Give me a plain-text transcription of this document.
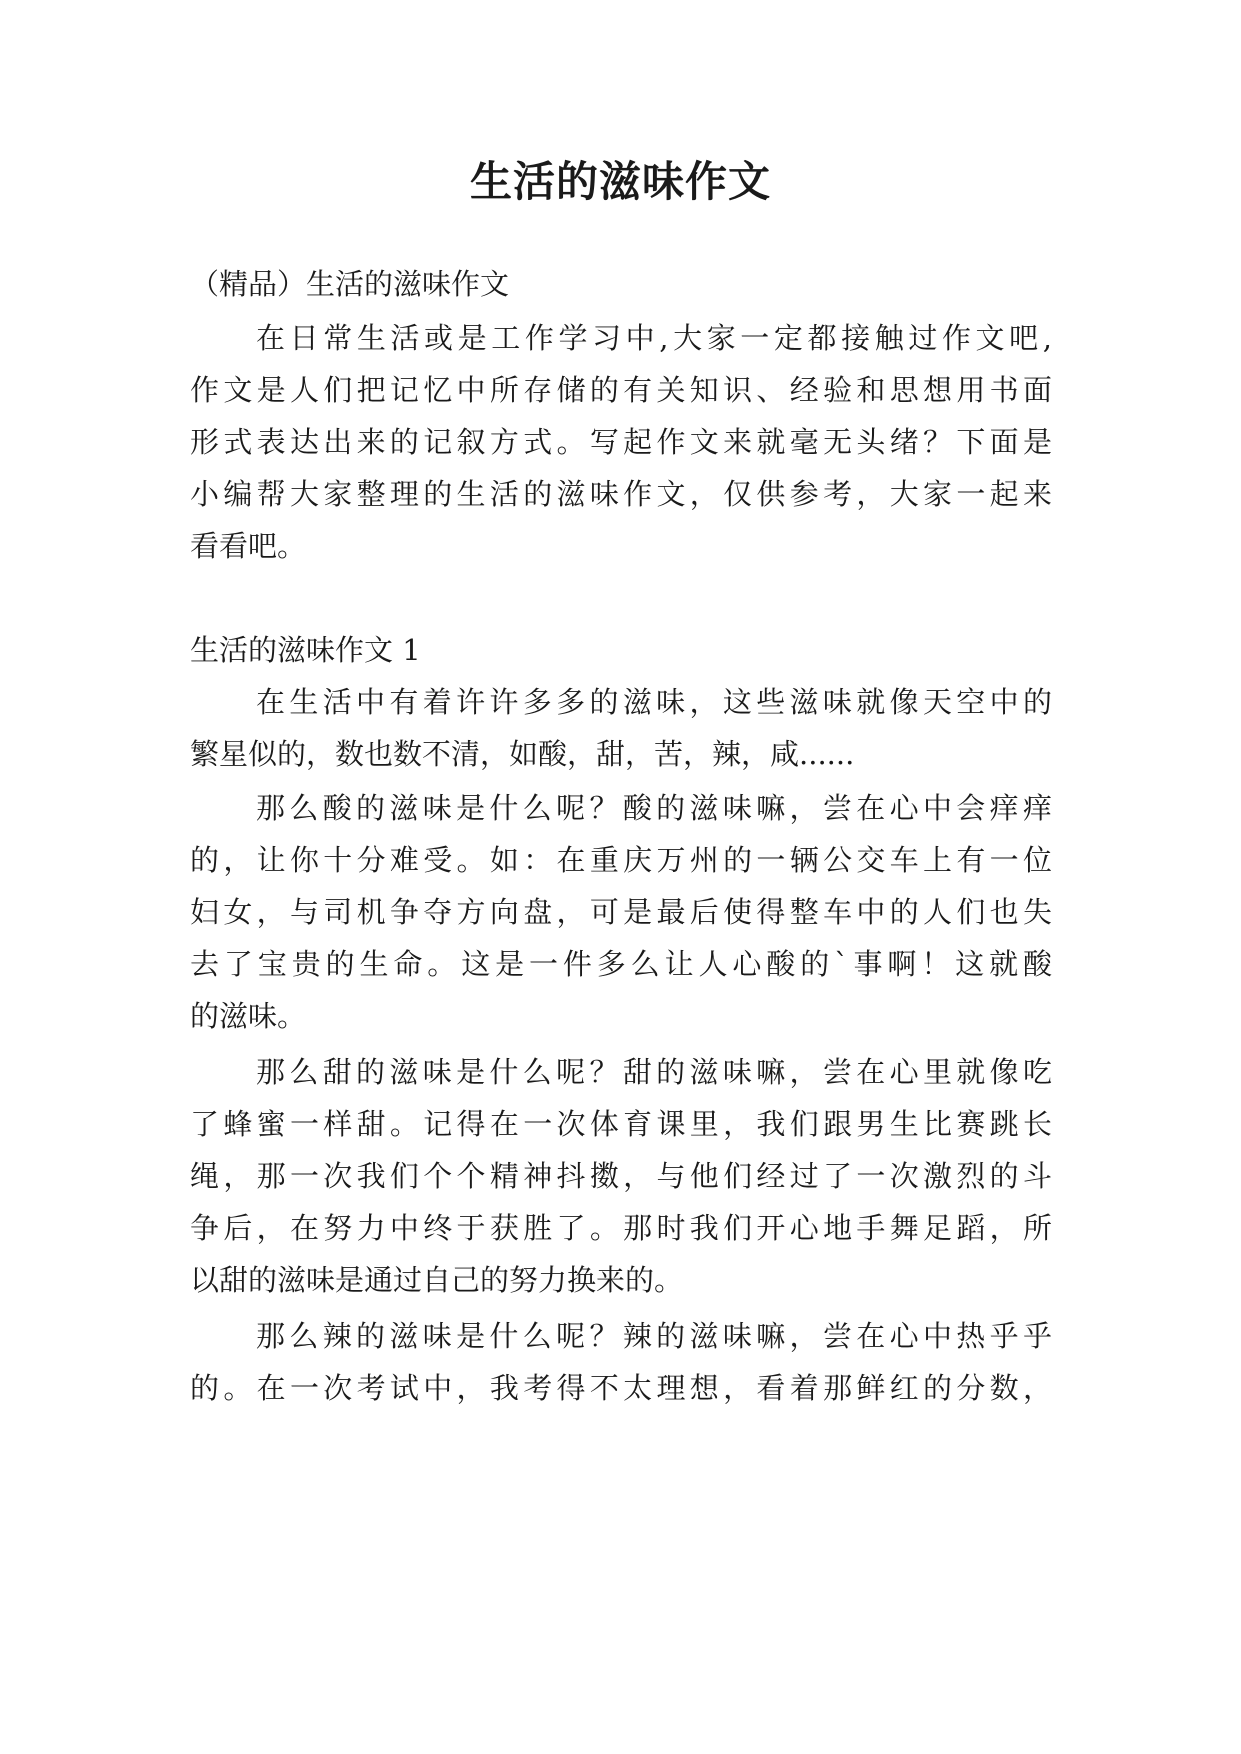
生活的滋味作文

（精品）生活的滋味作文

在日常生活或是工作学习中,大家一定都接触过作文吧,

作文是人们把记忆中所存储的有关知识、经验和思想用书面

形式表达出来的记叙方式。写起作文来就毫无头绪？下面是

小编帮大家整理的生活的滋味作文，仅供参考，大家一起来

看看吧。

生活的滋味作文 1

在生活中有着许许多多的滋味，这些滋味就像天空中的

繁星似的，数也数不清，如酸，甜，苦，辣，咸......

那么酸的滋味是什么呢？酸的滋味嘛，尝在心中会痒痒

的，让你十分难受。如：在重庆万州的一辆公交车上有一位

妇女，与司机争夺方向盘，可是最后使得整车中的人们也失

去了宝贵的生命。这是一件多么让人心酸的`事啊！这就酸

的滋味。

那么甜的滋味是什么呢？甜的滋味嘛，尝在心里就像吃

了蜂蜜一样甜。记得在一次体育课里，我们跟男生比赛跳长

绳，那一次我们个个精神抖擞，与他们经过了一次激烈的斗

争后，在努力中终于获胜了。那时我们开心地手舞足蹈，所

以甜的滋味是通过自己的努力换来的。

那么辣的滋味是什么呢？辣的滋味嘛，尝在心中热乎乎

的。在一次考试中，我考得不太理想，看着那鲜红的分数，
